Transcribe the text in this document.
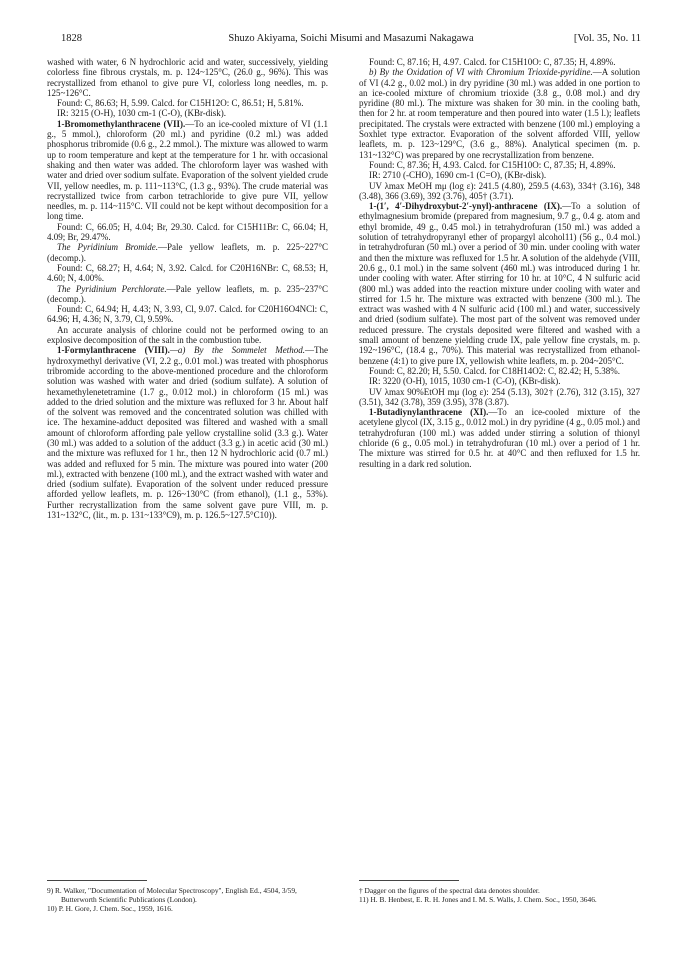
1828	Shuzo Akiyama, Soichi Misumi and Masazumi Nakagawa	[Vol. 35, No. 11

washed with water, 6 N hydrochloric acid and water, successively, yielding colorless fine fibrous crystals, m. p. 124~125°C, (26.0 g., 96%). This was recrystallized from ethanol to give pure VI, colorless long needles, m. p. 125~126°C.

Found: C, 86.63; H, 5.99. Calcd. for C15H12O: C, 86.51; H, 5.81%.

IR: 3215 (O-H), 1030 cm-1 (C-O), (KBr-disk).

1-Bromomethylanthracene (VII).—To an ice-cooled mixture of VI (1.1 g., 5 mmol.), chloroform (20 ml.) and pyridine (0.2 ml.) was added phosphorus tribromide (0.6 g., 2.2 mmol.). The mixture was allowed to warm up to room temperature and kept at the temperature for 1 hr. with occasional shaking and then water was added. The chloroform layer was washed with water and dried over sodium sulfate. Evaporation of the solvent yielded crude VII, yellow needles, m. p. 111~113°C, (1.3 g., 93%). The crude material was recrystallized twice from carbon tetrachloride to give pure VII, yellow needles, m. p. 114~115°C. VII could not be kept without decomposition for a long time.

Found: C, 66.05; H, 4.04; Br, 29.30. Calcd. for C15H11Br: C, 66.04; H, 4.09; Br, 29.47%.

The Pyridinium Bromide.—Pale yellow leaflets, m. p. 225~227°C (decomp.).

Found: C, 68.27; H, 4.64; N, 3.92. Calcd. for C20H16NBr: C, 68.53; H, 4.60; N, 4.00%.

The Pyridinium Perchlorate.—Pale yellow leaflets, m. p. 235~237°C (decomp.).

Found: C, 64.94; H, 4.43; N, 3.93, Cl, 9.07. Calcd. for C20H16O4NCl: C, 64.96; H, 4.36; N, 3.79, Cl, 9.59%.

An accurate analysis of chlorine could not be performed owing to an explosive decomposition of the salt in the combustion tube.

1-Formylanthracene (VIII).—a) By the Sommelet Method.—The hydroxymethyl derivative (VI, 2.2 g., 0.01 mol.) was treated with phosphorus tribromide according to the above-mentioned procedure and the chloroform solution was washed with water and dried (sodium sulfate). A solution of hexamethylenetetramine (1.7 g., 0.012 mol.) in chloroform (15 ml.) was added to the dried solution and the mixture was refluxed for 3 hr. About half of the solvent was removed and the concentrated solution was chilled with ice. The hexamine-adduct deposited was filtered and washed with a small amount of chloroform affording pale yellow crystalline solid (3.3 g.). Water (30 ml.) was added to a solution of the adduct (3.3 g.) in acetic acid (30 ml.) and the mixture was refluxed for 1 hr., then 12 N hydrochloric acid (0.7 ml.) was added and refluxed for 5 min. The mixture was poured into water (200 ml.), extracted with benzene (100 ml.), and the extract washed with water and dried (sodium sulfate). Evaporation of the solvent under reduced pressure afforded yellow leaflets, m. p. 126~130°C (from ethanol), (1.1 g., 53%). Further recrystallization from the same solvent gave pure VIII, m. p. 131~132°C, (lit., m. p. 131~133°C9), m. p. 126.5~127.5°C10)).

Found: C, 87.16; H, 4.97. Calcd. for C15H10O: C, 87.35; H, 4.89%.

b) By the Oxidation of VI with Chromium Trioxide-pyridine.—A solution of VI (4.2 g., 0.02 mol.) in dry pyridine (30 ml.) was added in one portion to an ice-cooled mixture of chromium trioxide (3.8 g., 0.08 mol.) and dry pyridine (80 ml.). The mixture was shaken for 30 min. in the cooling bath, then for 2 hr. at room temperature and then poured into water (1.5 l.); leaflets precipitated. The crystals were extracted with benzene (100 ml.) employing a Soxhlet type extractor. Evaporation of the solvent afforded VIII, yellow leaflets, m. p. 123~129°C, (3.6 g., 88%). Analytical specimen (m. p. 131~132°C) was prepared by one recrystallization from benzene.

Found: C, 87.36; H, 4.93. Calcd. for C15H10O: C, 87.35; H, 4.89%.

IR: 2710 (-CHO), 1690 cm-1 (C=O), (KBr-disk).

UV λmax MeOH mμ (log ε): 241.5 (4.80), 259.5 (4.63), 334† (3.16), 348 (3.48), 366 (3.69), 392 (3.76), 405† (3.71).

1-(1′, 4′-Dihydroxybut-2′-ynyl)-anthracene (IX).—To a solution of ethylmagnesium bromide (prepared from magnesium, 9.7 g., 0.4 g. atom and ethyl bromide, 49 g., 0.45 mol.) in tetrahydrofuran (150 ml.) was added a solution of tetrahydropyranyl ether of propargyl alcohol11) (56 g., 0.4 mol.) in tetrahydrofuran (50 ml.) over a period of 30 min. under cooling with water and then the mixture was refluxed for 1.5 hr. A solution of the aldehyde (VIII, 20.6 g., 0.1 mol.) in the same solvent (460 ml.) was introduced during 1 hr. under cooling with water. After stirring for 10 hr. at 10°C, 4 N sulfuric acid (800 ml.) was added into the reaction mixture under cooling with water and stirred for 1.5 hr. The mixture was extracted with benzene (300 ml.). The extract was washed with 4 N sulfuric acid (100 ml.) and water, successively and dried (sodium sulfate). The most part of the solvent was removed under reduced pressure. The crystals deposited were filtered and washed with a small amount of benzene yielding crude IX, pale yellow fine crystals, m. p. 192~196°C, (18.4 g., 70%). This material was recrystallized from ethanol-benzene (4:1) to give pure IX, yellowish white leaflets, m. p. 204~205°C.

Found: C, 82.20; H, 5.50. Calcd. for C18H14O2: C, 82.42; H, 5.38%.

IR: 3220 (O-H), 1015, 1030 cm-1 (C-O), (KBr-disk).

UV λmax 90%EtOH mμ (log ε): 254 (5.13), 302† (2.76), 312 (3.15), 327 (3.51), 342 (3.78), 359 (3.95), 378 (3.87).

1-Butadiynylanthracene (XI).—To an ice-cooled mixture of the acetylene glycol (IX, 3.15 g., 0.012 mol.) in dry pyridine (4 g., 0.05 mol.) and tetrahydrofuran (100 ml.) was added under stirring a solution of thionyl chloride (6 g., 0.05 mol.) in tetrahydrofuran (10 ml.) over a period of 1 hr. The mixture was stirred for 0.5 hr. at 40°C and then refluxed for 1.5 hr. resulting in a dark red solution.

9) R. Walker, "Documentation of Molecular Spectroscopy", English Ed., 4504, 3/59, Butterworth Scientific Publications (London).

10) P. H. Gore, J. Chem. Soc., 1959, 1616.

† Dagger on the figures of the spectral data denotes shoulder.

11) H. B. Henbest, E. R. H. Jones and I. M. S. Walls, J. Chem. Soc., 1950, 3646.
